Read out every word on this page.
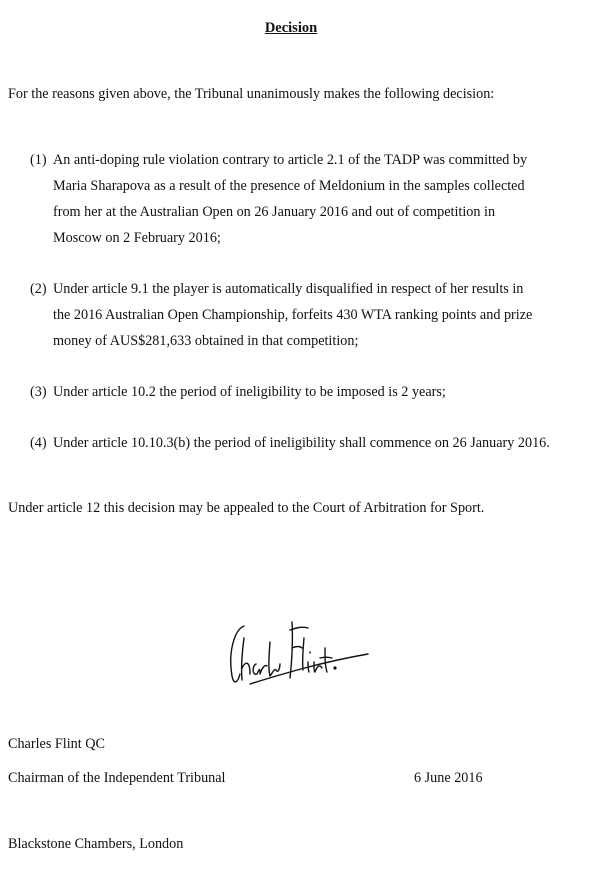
Decision
For the reasons given above, the Tribunal unanimously makes the following decision:
(1) An anti-doping rule violation contrary to article 2.1 of the TADP was committed by
Maria Sharapova as a result of the presence of Meldonium in the samples collected
from her at the Australian Open on 26 January 2016 and out of competition in
Moscow on 2 February 2016;
(2) Under article 9.1 the player is automatically disqualified in respect of her results in
the 2016 Australian Open Championship, forfeits 430 WTA ranking points and prize
money of AUS$281,633 obtained in that competition;
(3) Under article 10.2 the period of ineligibility to be imposed is 2 years;
(4) Under article 10.10.3(b) the period of ineligibility shall commence on 26 January 2016.
Under article 12 this decision may be appealed to the Court of Arbitration for Sport.
Charles Flint QC
Chairman of the Independent Tribunal	6 June 2016
Blackstone Chambers, London
